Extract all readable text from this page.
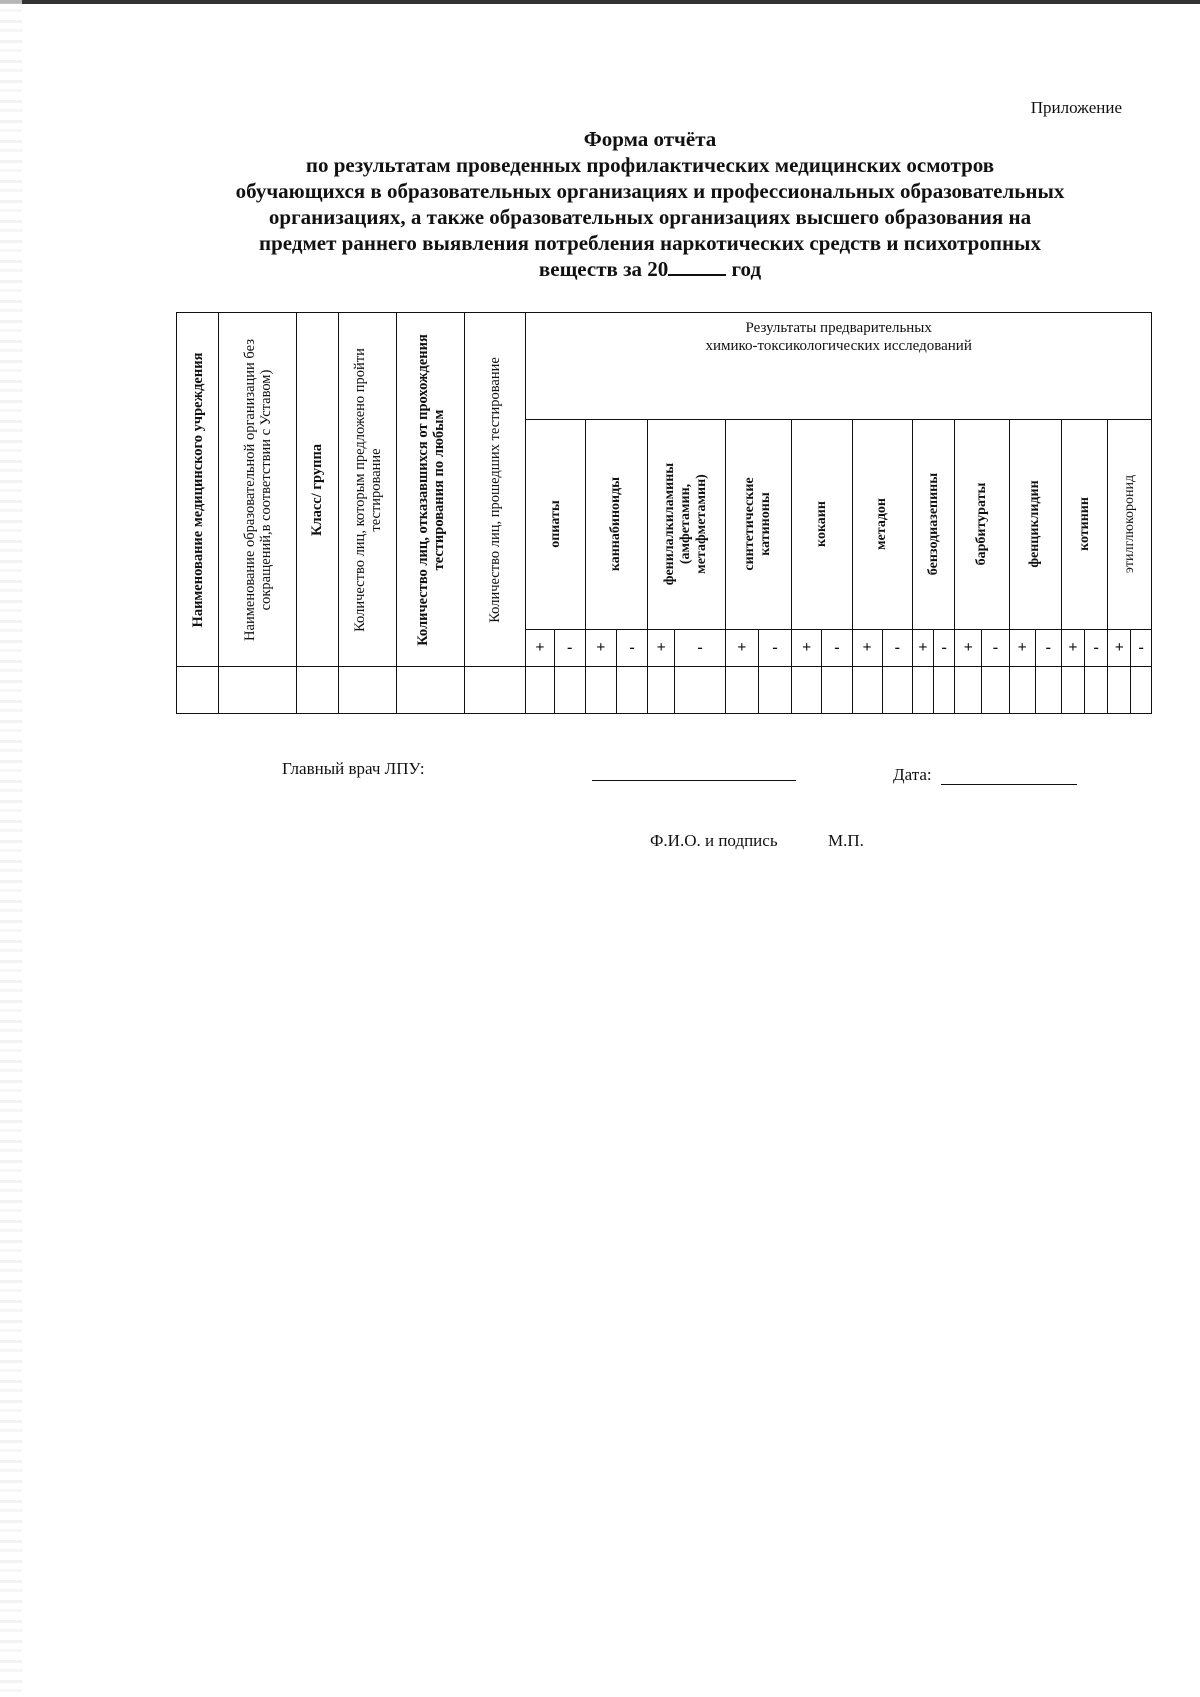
Приложение
Форма отчёта
по результатам проведенных профилактических медицинских осмотров
обучающихся в образовательных организациях и профессиональных образовательных
организациях, а также образовательных организациях высшего образования на
предмет раннего выявления потребления наркотических средств и психотропных
веществ за 20	год
Наименование медицинского учреждения	Наименование образовательной организации без сокращений,в соответствии с Уставом)	Класс/ группа	Количество лиц, которым предложено пройти тестирование	Количество лиц, отказавшихся от прохождения тестирования по любым	Количество лиц, прошедших тестирование	Результаты предварительных
химико-токсикологических исследований																					

						опиаты		каннабиноиды		фенилалкиламины (амфетамин, метафметамин)		синтетические катиноны		кокаин		метадон		бензодиазепины		барбитураты		фенциклидин		котинин		этилглюкоронид	

						+	-	+	-	+	-	+	-	+	-	+	-	+	-	+	-	+	-	+	-	+	-

Главный врач ЛПУ:	Дата:
Ф.И.О. и подпись	М.П.
